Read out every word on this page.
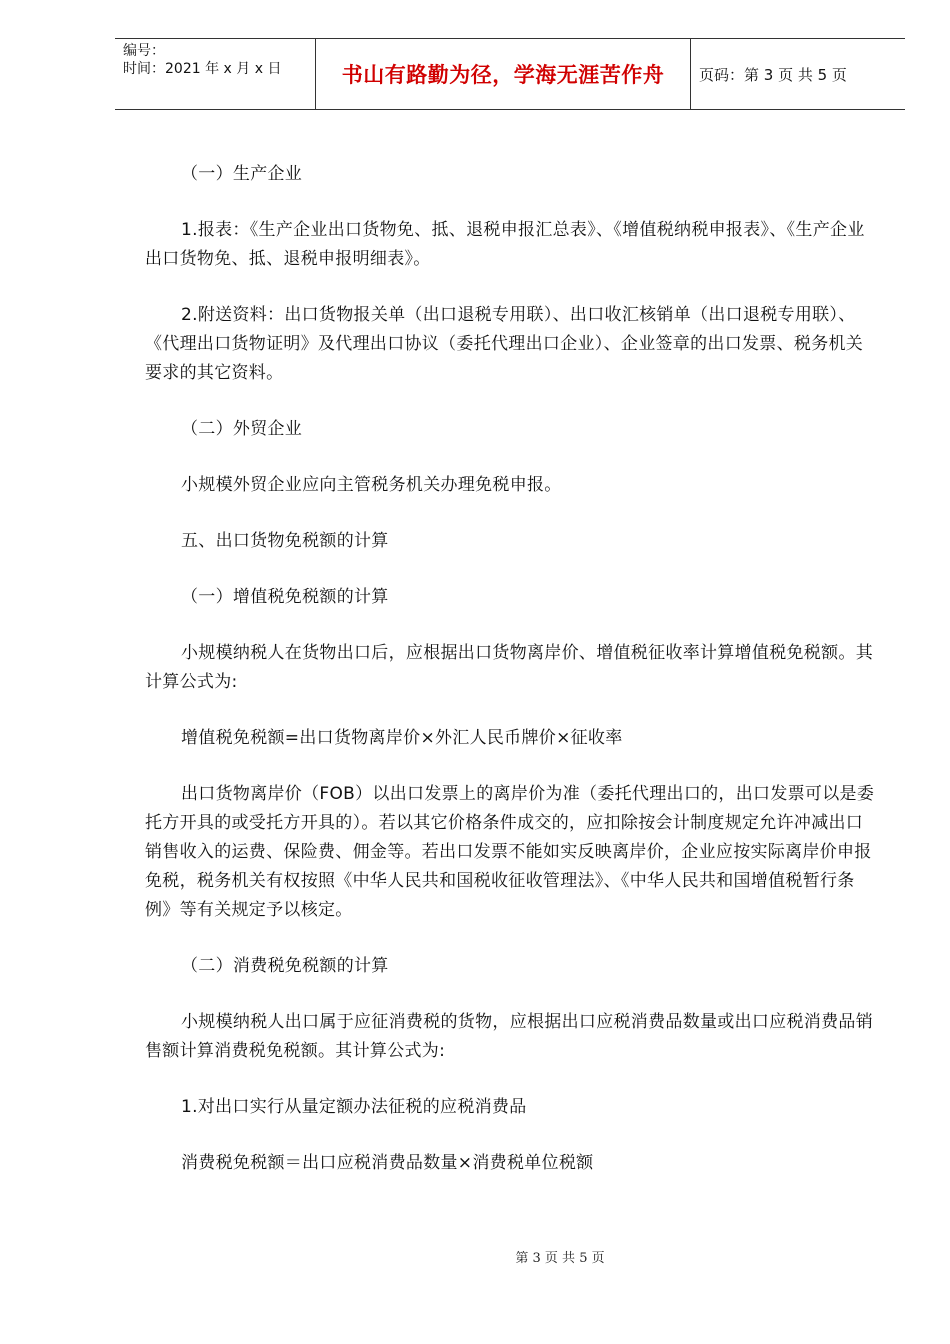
编号：
时间：2021 年 x 月 x 日	书山有路勤为径，学海无涯苦作舟	页码：第 3 页 共 5 页

（一）生产企业

1.报表：《生产企业出口货物免、抵、退税申报汇总表》、《增值税纳税申报表》、《生产企业出口货物免、抵、退税申报明细表》。

2.附送资料：出口货物报关单（出口退税专用联）、出口收汇核销单（出口退税专用联）、《代理出口货物证明》及代理出口协议（委托代理出口企业）、企业签章的出口发票、税务机关要求的其它资料。

（二）外贸企业

小规模外贸企业应向主管税务机关办理免税申报。

五、出口货物免税额的计算

（一）增值税免税额的计算

小规模纳税人在货物出口后，应根据出口货物离岸价、增值税征收率计算增值税免税额。其计算公式为:

增值税免税额=出口货物离岸价×外汇人民币牌价×征收率

出口货物离岸价（FOB）以出口发票上的离岸价为准（委托代理出口的，出口发票可以是委托方开具的或受托方开具的）。若以其它价格条件成交的，应扣除按会计制度规定允许冲减出口销售收入的运费、保险费、佣金等。若出口发票不能如实反映离岸价，企业应按实际离岸价申报免税，税务机关有权按照《中华人民共和国税收征收管理法》、《中华人民共和国增值税暂行条例》等有关规定予以核定。

（二）消费税免税额的计算

小规模纳税人出口属于应征消费税的货物，应根据出口应税消费品数量或出口应税消费品销售额计算消费税免税额。其计算公式为:

1.对出口实行从量定额办法征税的应税消费品

消费税免税额＝出口应税消费品数量×消费税单位税额

第 3 页 共 5 页
